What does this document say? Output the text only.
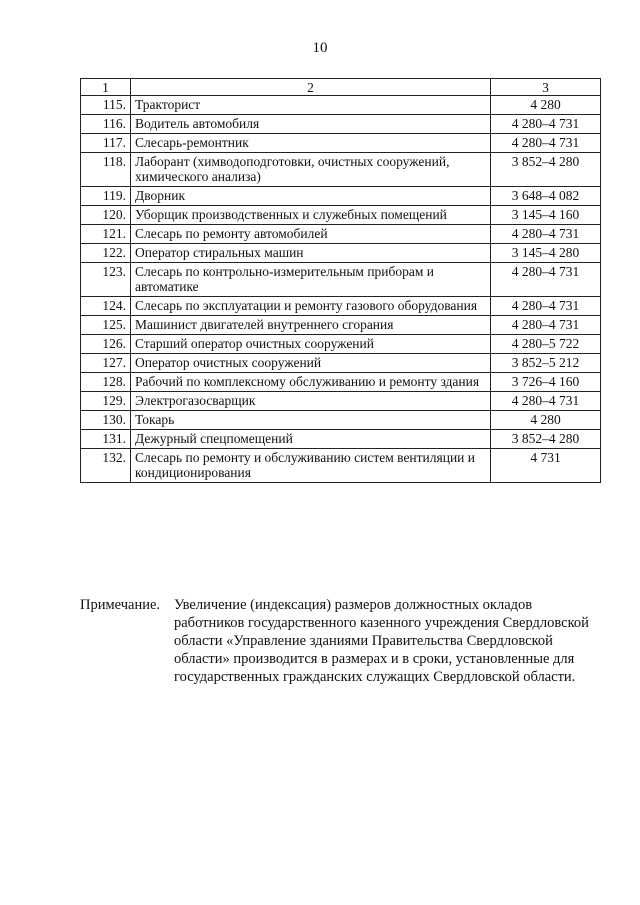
10
1	2	3
115.	Тракторист	4 280
116.	Водитель автомобиля	4 280–4 731
117.	Слесарь-ремонтник	4 280–4 731
118.	Лаборант (химводоподготовки, очистных сооружений, химического анализа)	3 852–4 280
119.	Дворник	3 648–4 082
120.	Уборщик производственных и служебных помещений	3 145–4 160
121.	Слесарь по ремонту автомобилей	4 280–4 731
122.	Оператор стиральных машин	3 145–4 280
123.	Слесарь по контрольно-измерительным приборам и автоматике	4 280–4 731
124.	Слесарь по эксплуатации и ремонту газового оборудования	4 280–4 731
125.	Машинист двигателей внутреннего сгорания	4 280–4 731
126.	Старший оператор очистных сооружений	4 280–5 722
127.	Оператор очистных сооружений	3 852–5 212
128.	Рабочий по комплексному обслуживанию и ремонту здания	3 726–4 160
129.	Электрогазосварщик	4 280–4 731
130.	Токарь	4 280
131.	Дежурный спецпомещений	3 852–4 280
132.	Слесарь по ремонту и обслуживанию систем вентиляции и кондиционирования	4 731
Примечание. Увеличение (индексация) размеров должностных окладов работников государственного казенного учреждения Свердловской области «Управление зданиями Правительства Свердловской области» производится в размерах и в сроки, установленные для государственных гражданских служащих Свердловской области.
